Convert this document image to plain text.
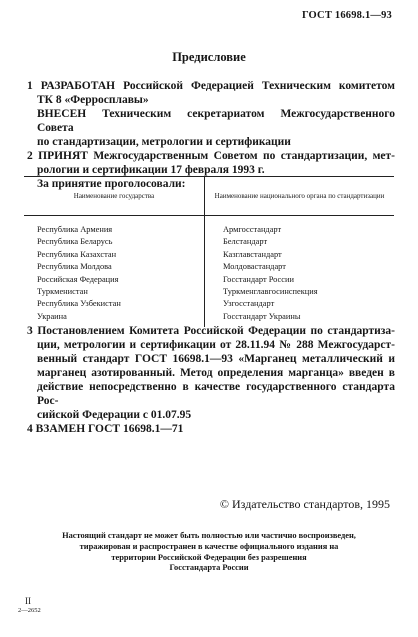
ГОСТ 16698.1—93
Предисловие
1 РАЗРАБОТАН Российской Федерацией Техническим комитетом
ТК 8 «Ферросплавы»
ВНЕСЕН Техническим секретариатом Межгосударственного Совета
по стандартизации, метрологии и сертификации
2 ПРИНЯТ Межгосударственным Советом по стандартизации, мет-
рологии и сертификации 17 февраля 1993 г.
За принятие проголосовали:
Наименование государства	Наименование национального органа по стандартизации
Республика Армения	Армгосстандарт
Республика Беларусь	Белстандарт
Республика Казахстан	Казглавстандарт
Республика Молдова	Молдовастандарт
Российская Федерация	Госстандарт России
Туркменистан	Туркменглавгосинспекция
Республика Узбекистан	Узгосстандарт
Украина	Госстандарт Украины
3 Постановлением Комитета Российской Федерации по стандартиза-
ции, метрологии и сертификации от 28.11.94 № 288 Межгосударст-
венный стандарт ГОСТ 16698.1—93 «Марганец металлический и
марганец азотированный. Метод определения марганца» введен в
действие непосредственно в качестве государственного стандарта Рос-
сийской Федерации с 01.07.95
4 ВЗАМЕН ГОСТ 16698.1—71
© Издательство стандартов, 1995
Настоящий стандарт не может быть полностью или частично воспроизведен,
тиражирован и распространен в качестве официального издания на
территории Российской Федерации без разрешения
Госстандарта России
II
2—2652
